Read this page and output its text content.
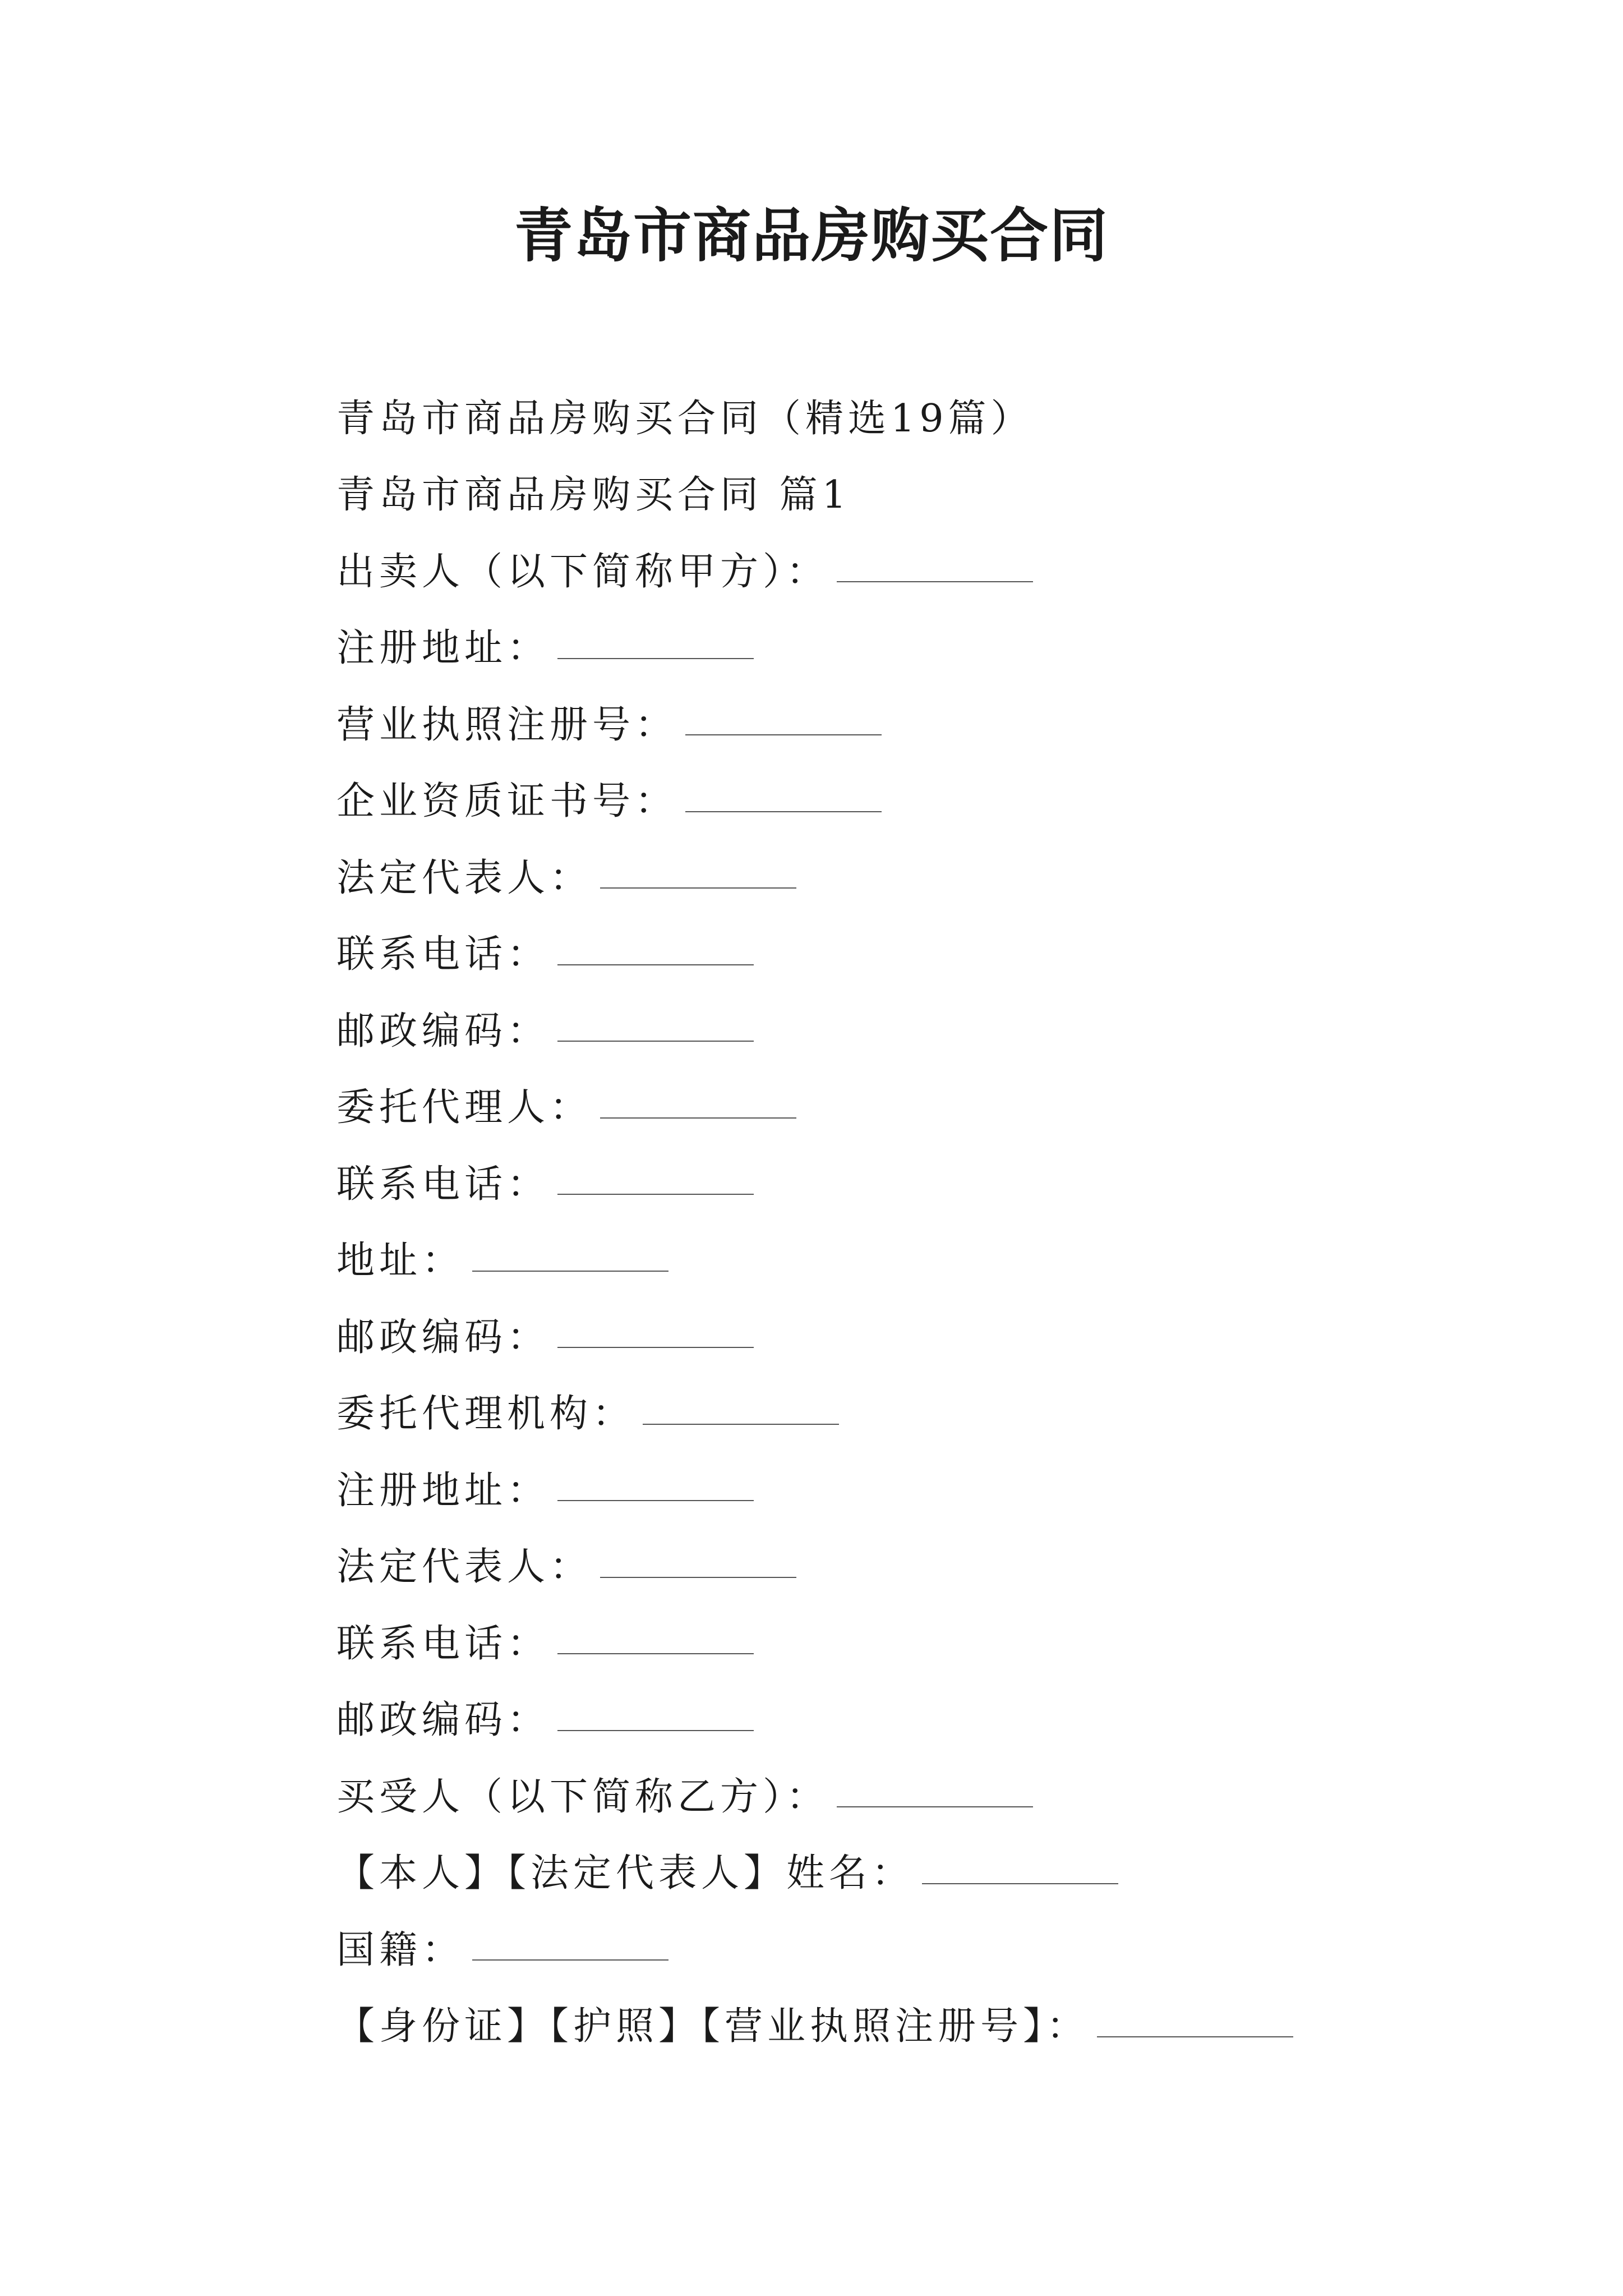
青岛市商品房购买合同
青岛市商品房购买合同（精选19篇）
青岛市商品房购买合同 篇1
出卖人（以下简称甲方）：
注册地址：
营业执照注册号：
企业资质证书号：
法定代表人：
联系电话：
邮政编码：
委托代理人：
联系电话：
地址：
邮政编码：
委托代理机构：
注册地址：
法定代表人：
联系电话：
邮政编码：
买受人（以下简称乙方）：
【本人】【法定代表人】姓名：
国籍：
【身份证】【护照】【营业执照注册号】：
